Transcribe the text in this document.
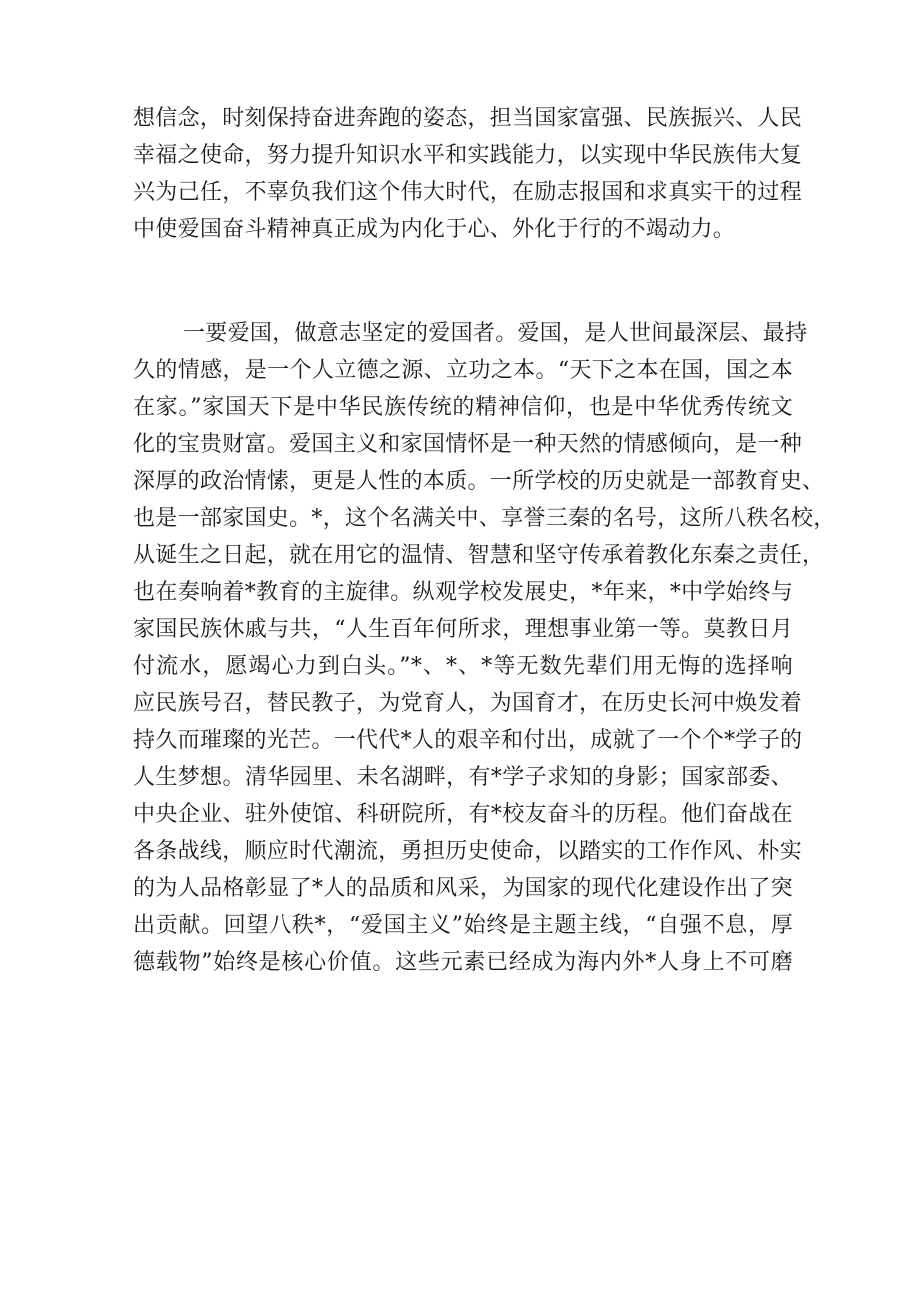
想信念，时刻保持奋进奔跑的姿态，担当国家富强、民族振兴、人民
幸福之使命，努力提升知识水平和实践能力，以实现中华民族伟大复
兴为己任，不辜负我们这个伟大时代，在励志报国和求真实干的过程
中使爱国奋斗精神真正成为内化于心、外化于行的不竭动力。
一要爱国，做意志坚定的爱国者。爱国，是人世间最深层、最持
久的情感，是一个人立德之源、立功之本。“天下之本在国，国之本
在家。”家国天下是中华民族传统的精神信仰，也是中华优秀传统文
化的宝贵财富。爱国主义和家国情怀是一种天然的情感倾向，是一种
深厚的政治情愫，更是人性的本质。一所学校的历史就是一部教育史、
也是一部家国史。*，这个名满关中、享誉三秦的名号，这所八秩名校，
从诞生之日起，就在用它的温情、智慧和坚守传承着教化东秦之责任，
也在奏响着*教育的主旋律。纵观学校发展史，*年来，*中学始终与
家国民族休戚与共，“人生百年何所求，理想事业第一等。莫教日月
付流水，愿竭心力到白头。”*、*、*等无数先辈们用无悔的选择响
应民族号召，替民教子，为党育人，为国育才，在历史长河中焕发着
持久而璀璨的光芒。一代代*人的艰辛和付出，成就了一个个*学子的
人生梦想。清华园里、未名湖畔，有*学子求知的身影；国家部委、
中央企业、驻外使馆、科研院所，有*校友奋斗的历程。他们奋战在
各条战线，顺应时代潮流，勇担历史使命，以踏实的工作作风、朴实
的为人品格彰显了*人的品质和风采，为国家的现代化建设作出了突
出贡献。回望八秩*，“爱国主义”始终是主题主线，“自强不息，厚
德载物”始终是核心价值。这些元素已经成为海内外*人身上不可磨
